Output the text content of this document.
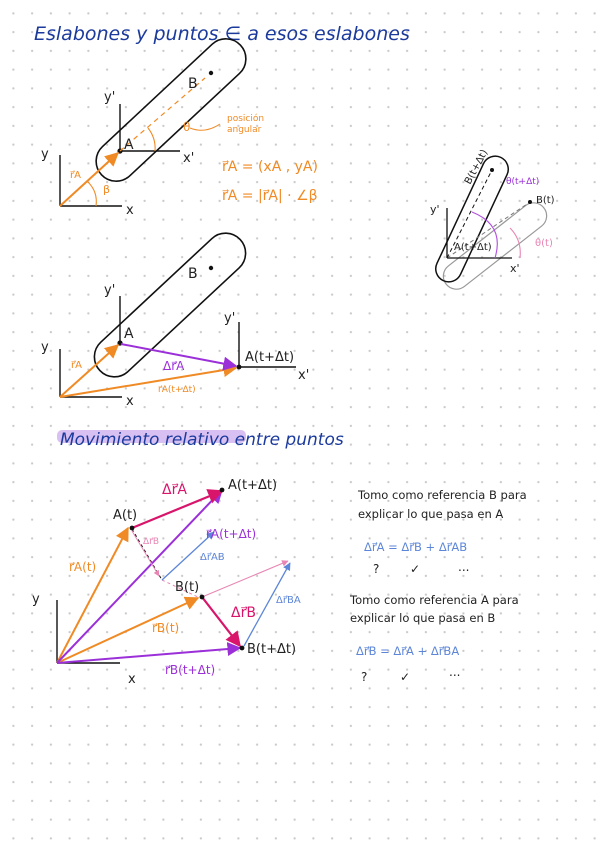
Eslabones y puntos ∈ a esos eslabones
B
A
y'
x'
y
x
r⃗A
β
θ
posición
angular
r⃗A = (xA , yA)
r⃗A = |r⃗A| · ∠β
B(t+Δt)
B(t)
A(t+Δt)
y'
x'
θ(t)
θ(t+Δt)
B
A
A(t+Δt)
y'
y'
x'
y
x
r⃗A	Δr⃗A
r⃗A(t+Δt)
Movimiento relativo entre puntos
A(t)
A(t+Δt)
B(t)
B(t+Δt)
Δr⃗A
Δr⃗B
r⃗A(t)
r⃗A(t+Δt)
r⃗B(t)
r⃗B(t+Δt)
Δr⃗B
Δr⃗AB
Δr⃗BA
y
x
Tomo como referencia B para
explicar lo que pasa en A
Δr⃗A = Δr⃗B + Δr⃗AB
?	✓	...
Tomo como referencia A para
explicar lo que pasa en B
Δr⃗B = Δr⃗A + Δr⃗BA
?	✓	...
